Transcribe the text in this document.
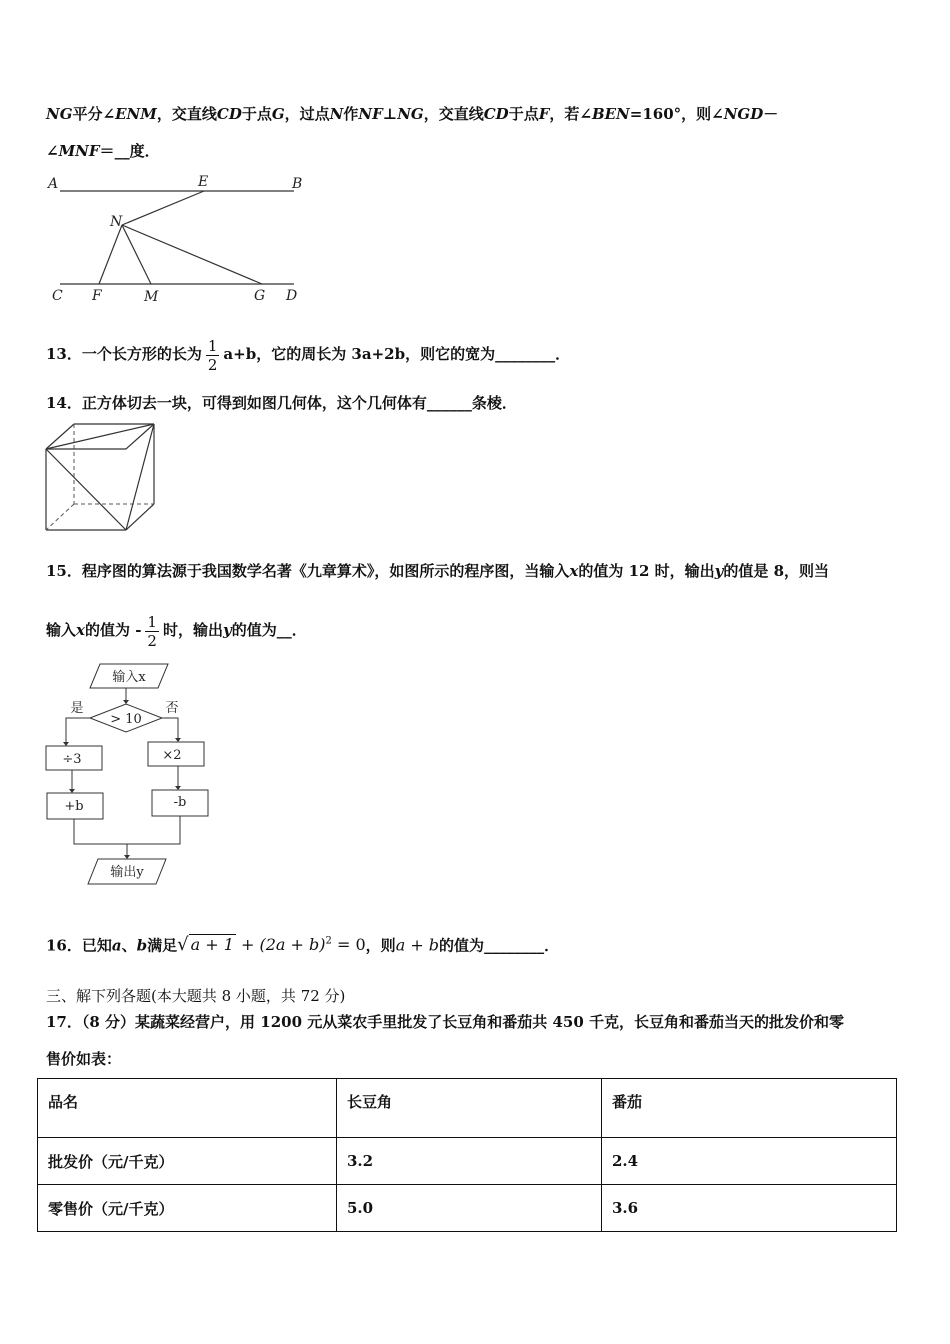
NG平分∠ENM，交直线CD于点G，过点N作NF⊥NG，交直线CD于点F，若∠BEN=160°，则∠NGD－
∠MNF＝__度．
A	E	B
N
C F	M	G D
13．一个长方形的长为 $\frac{1}{2} a+b$，它的周长为 3a+2b，则它的宽为________．
14．正方体切去一块，可得到如图几何体，这个几何体有______条棱．
15．程序图的算法源于我国数学名著《九章算术》，如图所示的程序图，当输入x的值为 12 时，输出y的值是 8，则当
输入x的值为 - $\frac{1}{2}$ 时，输出y的值为__．
输入x
> 10
是	否
÷3	×2
+b	-b
输出y
16．已知a、b满足√ $a + 1 + (2a + b)^2 = 0$，则a + b的值为________．
三、解下列各题(本大题共 8 小题，共 72 分)
17．（8 分）某蔬菜经营户，用 1200 元从菜农手里批发了长豆角和番茄共 450 千克，长豆角和番茄当天的批发价和零
售价如表：
品名	长豆角	番茄
批发价（元/千克）	3.2	2.4
零售价（元/千克）	5.0	3.6
